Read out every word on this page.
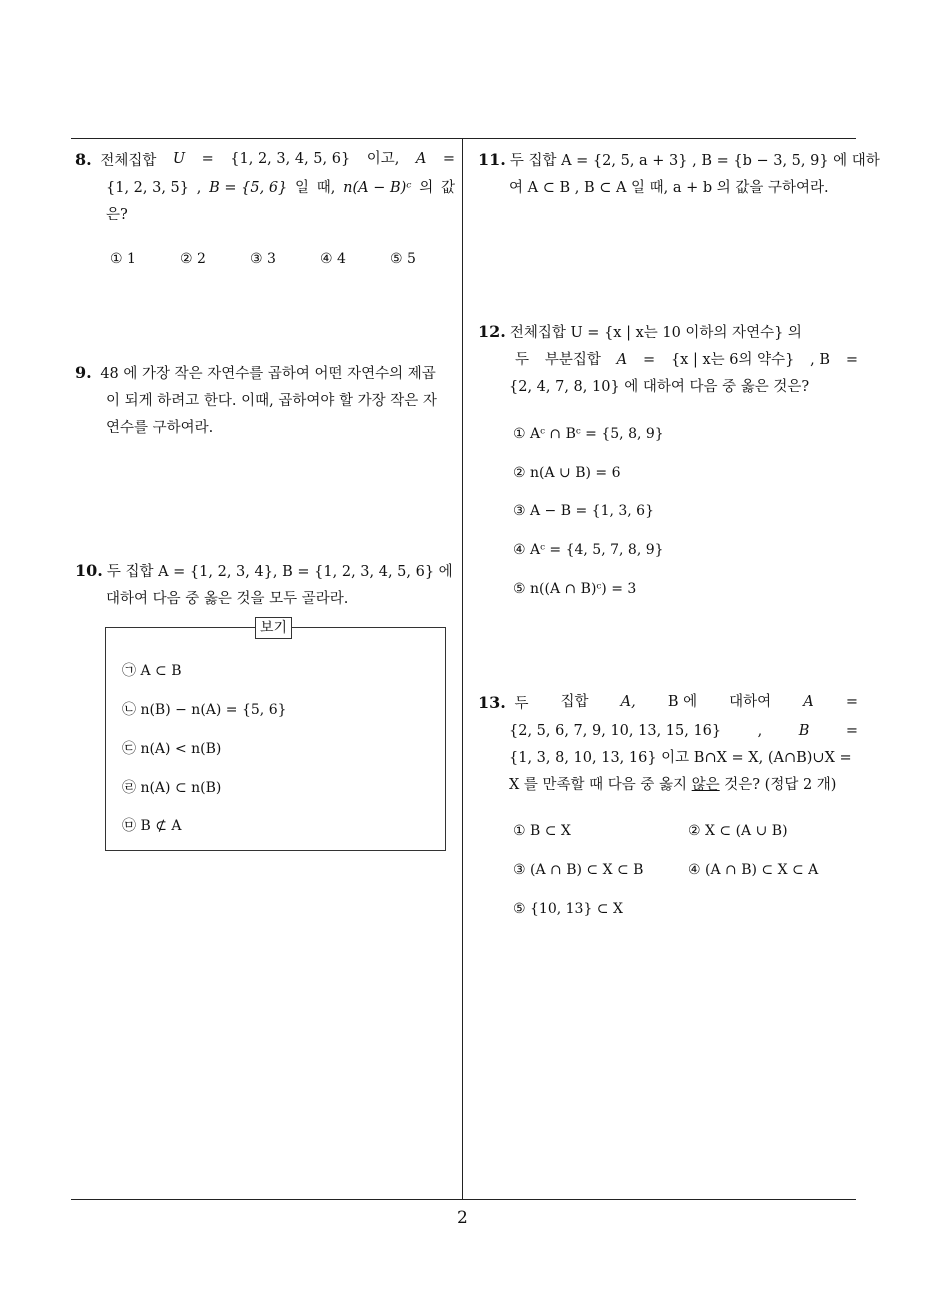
8. 전체집합 U = {1, 2, 3, 4, 5, 6} 이고, A =
{1, 2, 3, 5} , B = {5, 6} 일 때, n(A − B)ᶜ 의 값
은?
① 1	② 2	③ 3	④ 4	⑤ 5
9. 48 에 가장 작은 자연수를 곱하여 어떤 자연수의 제곱
이 되게 하려고 한다. 이때, 곱하여야 할 가장 작은 자
연수를 구하여라.
10. 두 집합 A = {1, 2, 3, 4}, B = {1, 2, 3, 4, 5, 6} 에
대하여 다음 중 옳은 것을 모두 골라라.
보기
㉠ A ⊂ B
㉡ n(B) − n(A) = {5, 6}
㉢ n(A) < n(B)
㉣ n(A) ⊂ n(B)
㉤ B ⊄ A
11. 두 집합 A = {2, 5, a + 3} , B = {b − 3, 5, 9} 에 대하
여 A ⊂ B , B ⊂ A 일 때, a + b 의 값을 구하여라.
12. 전체집합 U = {x | x는 10 이하의 자연수} 의
두 부분집합 A = {x | x는 6의 약수} , B =
{2, 4, 7, 8, 10} 에 대하여 다음 중 옳은 것은?
① Aᶜ ∩ Bᶜ = {5, 8, 9}
② n(A ∪ B) = 6
③ A − B = {1, 3, 6}
④ Aᶜ = {4, 5, 7, 8, 9}
⑤ n((A ∩ B)ᶜ) = 3
13. 두 집합 A, B 에 대하여 A =
{2, 5, 6, 7, 9, 10, 13, 15, 16}	,	B	=
{1, 3, 8, 10, 13, 16} 이고 B∩X = X, (A∩B)∪X =
X 를 만족할 때 다음 중 옳지 않은 것은? (정답 2 개)
① B ⊂ X	② X ⊂ (A ∪ B)
③ (A ∩ B) ⊂ X ⊂ B	④ (A ∩ B) ⊂ X ⊂ A
⑤ {10, 13} ⊂ X
2
